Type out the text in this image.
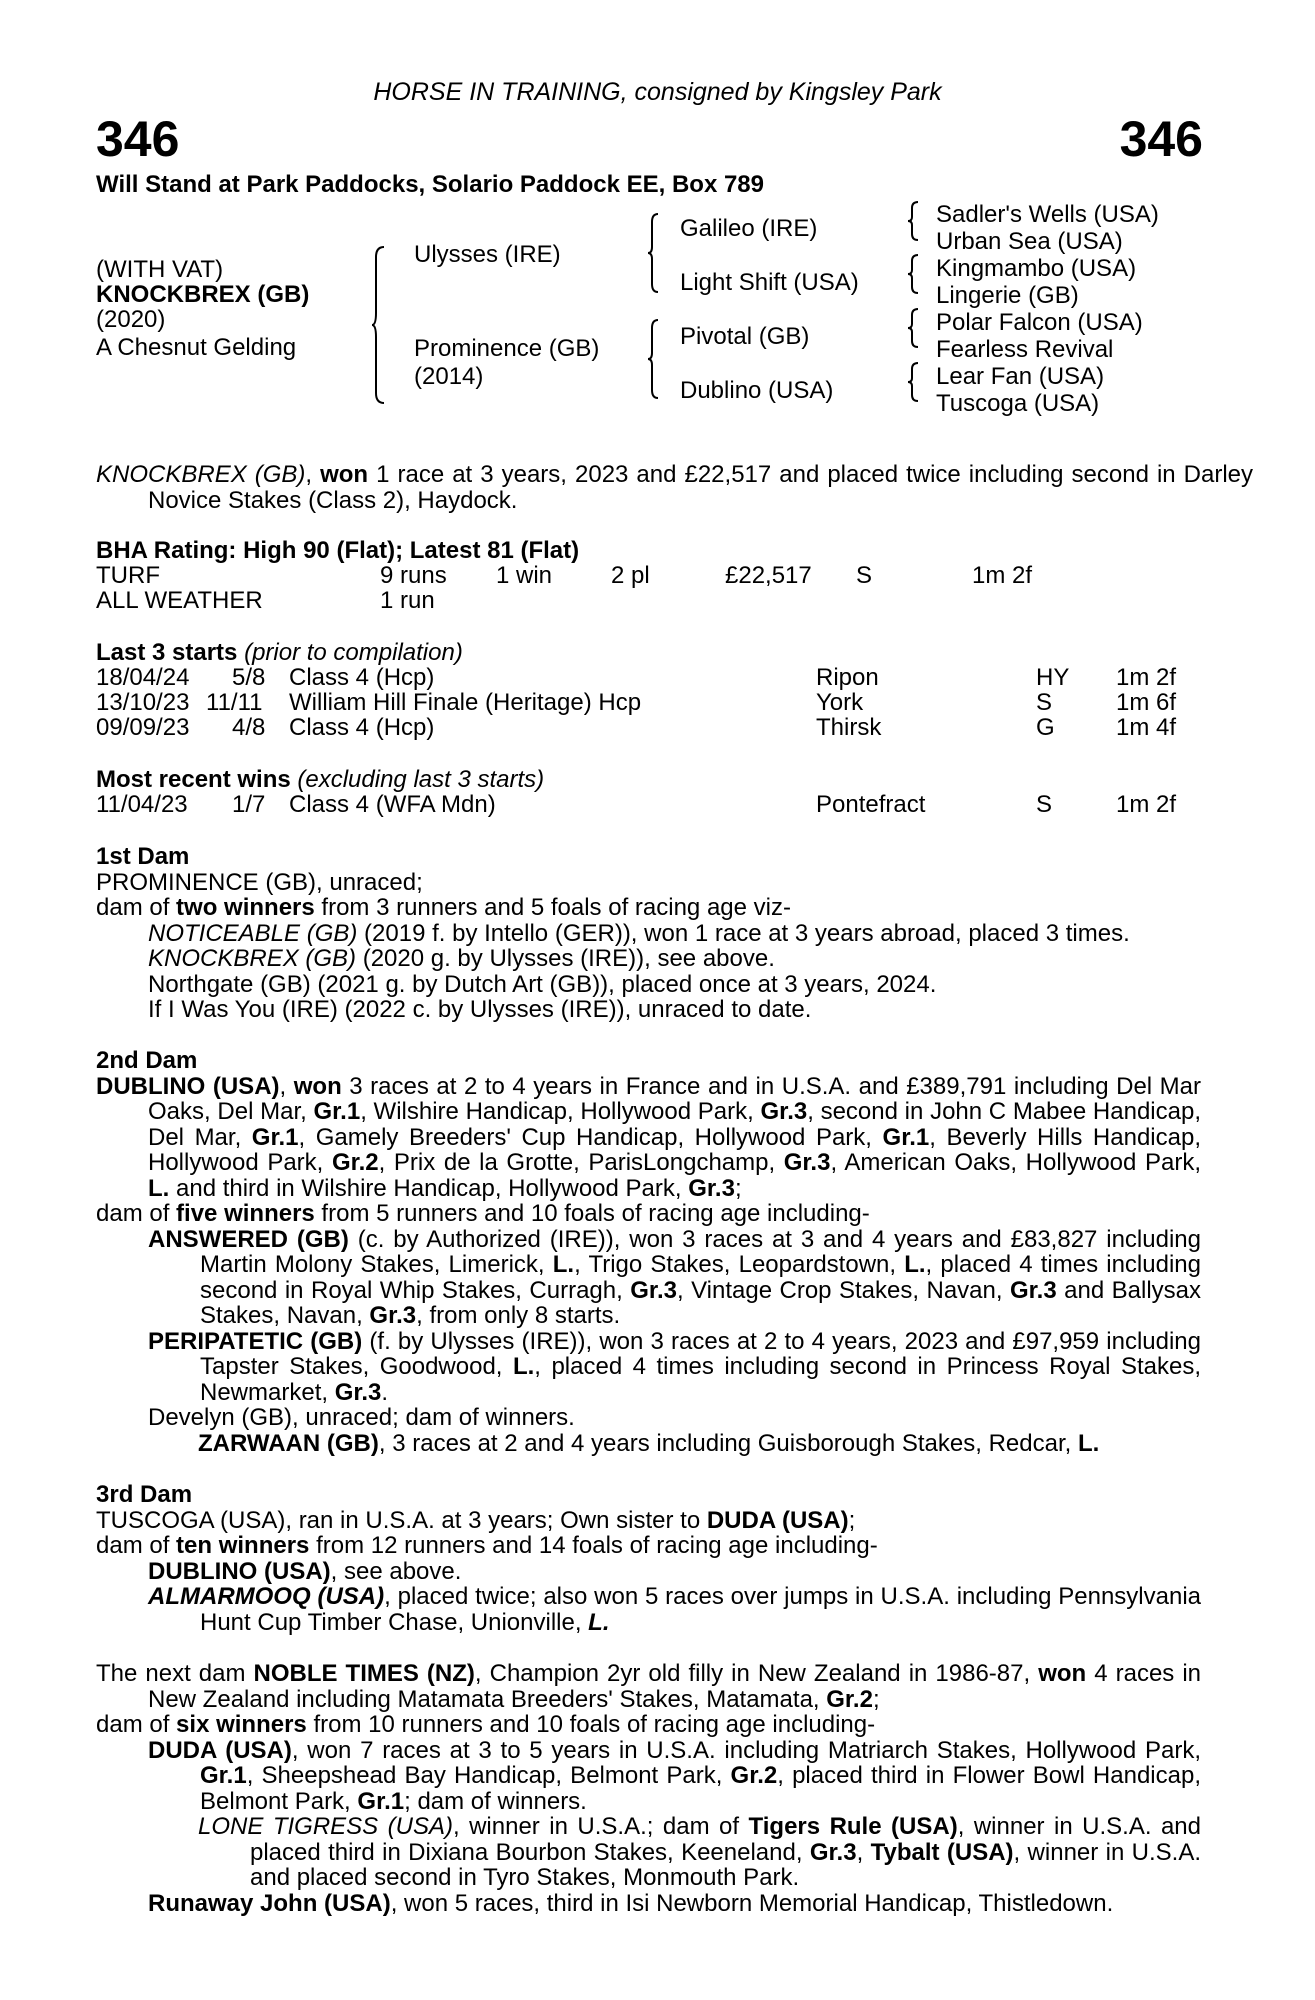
HORSE IN TRAINING, consigned by Kingsley Park
346	346
Will Stand at Park Paddocks, Solario Paddock EE, Box 789
(WITH VAT)
KNOCKBREX (GB)
(2020)
A Chesnut Gelding
Ulysses (IRE)
Prominence (GB)
(2014)
Galileo (IRE)
Light Shift (USA)
Pivotal (GB)
Dublino (USA)
Sadler's Wells (USA)
Urban Sea (USA)
Kingmambo (USA)
Lingerie (GB)
Polar Falcon (USA)
Fearless Revival
Lear Fan (USA)
Tuscoga (USA)
KNOCKBREX (GB), won 1 race at 3 years, 2023 and £22,517 and placed twice including second in Darley Novice Stakes (Class 2), Haydock.
BHA Rating: High 90 (Flat); Latest 81 (Flat)
TURF	9 runs 1 win 2 pl	£22,517 S	1m 2f
ALL WEATHER	1 run
Last 3 starts (prior to compilation)
18/04/24 5/8 Class 4 (Hcp)	Ripon	HY 1m 2f
13/10/23 11/11 William Hill Finale (Heritage) Hcp	York	S	1m 6f
09/09/23 4/8 Class 4 (Hcp)	Thirsk	G	1m 4f
Most recent wins (excluding last 3 starts)
11/04/23 1/7 Class 4 (WFA Mdn)	Pontefract	S	1m 2f
1st Dam
PROMINENCE (GB), unraced;
dam of two winners from 3 runners and 5 foals of racing age viz-
NOTICEABLE (GB) (2019 f. by Intello (GER)), won 1 race at 3 years abroad, placed 3 times.
KNOCKBREX (GB) (2020 g. by Ulysses (IRE)), see above.
Northgate (GB) (2021 g. by Dutch Art (GB)), placed once at 3 years, 2024.
If I Was You (IRE) (2022 c. by Ulysses (IRE)), unraced to date.
2nd Dam
DUBLINO (USA), won 3 races at 2 to 4 years in France and in U.S.A. and £389,791 including Del Mar Oaks, Del Mar, Gr.1, Wilshire Handicap, Hollywood Park, Gr.3, second in John C Mabee Handicap, Del Mar, Gr.1, Gamely Breeders' Cup Handicap, Hollywood Park, Gr.1, Beverly Hills Handicap, Hollywood Park, Gr.2, Prix de la Grotte, ParisLongchamp, Gr.3, American Oaks, Hollywood Park, L. and third in Wilshire Handicap, Hollywood Park, Gr.3;
dam of five winners from 5 runners and 10 foals of racing age including-
ANSWERED (GB) (c. by Authorized (IRE)), won 3 races at 3 and 4 years and £83,827 including Martin Molony Stakes, Limerick, L., Trigo Stakes, Leopardstown, L., placed 4 times including second in Royal Whip Stakes, Curragh, Gr.3, Vintage Crop Stakes, Navan, Gr.3 and Ballysax Stakes, Navan, Gr.3, from only 8 starts.
PERIPATETIC (GB) (f. by Ulysses (IRE)), won 3 races at 2 to 4 years, 2023 and £97,959 including Tapster Stakes, Goodwood, L., placed 4 times including second in Princess Royal Stakes, Newmarket, Gr.3.
Develyn (GB), unraced; dam of winners.
ZARWAAN (GB), 3 races at 2 and 4 years including Guisborough Stakes, Redcar, L.
3rd Dam
TUSCOGA (USA), ran in U.S.A. at 3 years; Own sister to DUDA (USA);
dam of ten winners from 12 runners and 14 foals of racing age including-
DUBLINO (USA), see above.
ALMARMOOQ (USA), placed twice; also won 5 races over jumps in U.S.A. including Pennsylvania Hunt Cup Timber Chase, Unionville, L.
The next dam NOBLE TIMES (NZ), Champion 2yr old filly in New Zealand in 1986-87, won 4 races in New Zealand including Matamata Breeders' Stakes, Matamata, Gr.2;
dam of six winners from 10 runners and 10 foals of racing age including-
DUDA (USA), won 7 races at 3 to 5 years in U.S.A. including Matriarch Stakes, Hollywood Park, Gr.1, Sheepshead Bay Handicap, Belmont Park, Gr.2, placed third in Flower Bowl Handicap, Belmont Park, Gr.1; dam of winners.
LONE TIGRESS (USA), winner in U.S.A.; dam of Tigers Rule (USA), winner in U.S.A. and placed third in Dixiana Bourbon Stakes, Keeneland, Gr.3, Tybalt (USA), winner in U.S.A. and placed second in Tyro Stakes, Monmouth Park.
Runaway John (USA), won 5 races, third in Isi Newborn Memorial Handicap, Thistledown.
